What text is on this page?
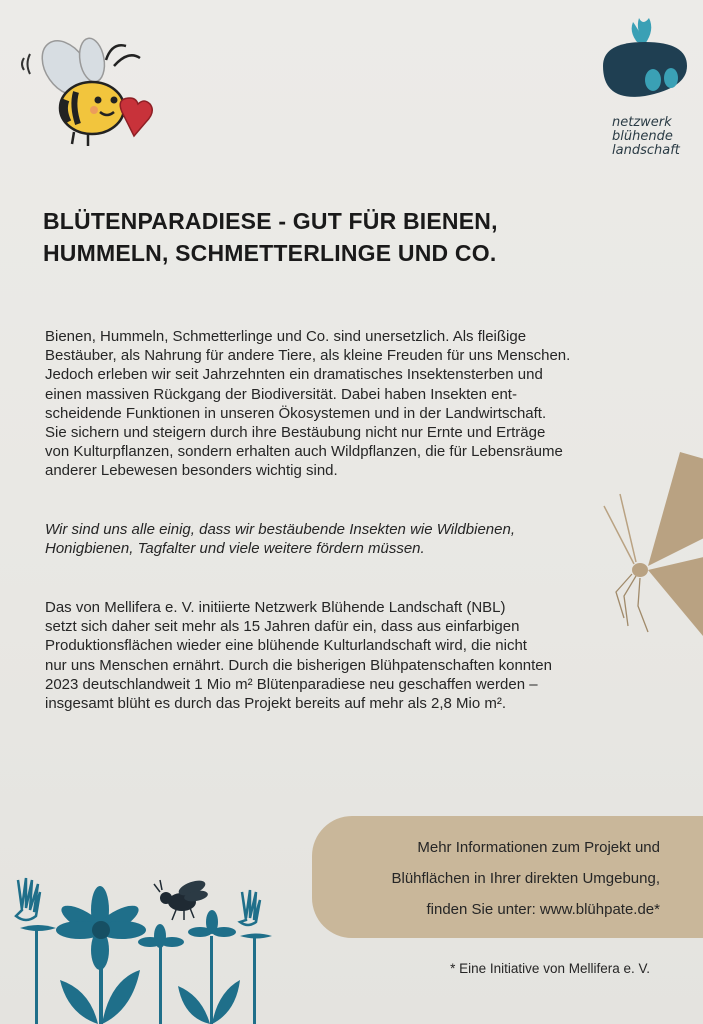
netzwerk
blühende
landschaft
BLÜTENPARADIESE - GUT FÜR BIENEN,
HUMMELN, SCHMETTERLINGE UND CO.

Bienen, Hummeln, Schmetterlinge und Co. sind unersetzlich. Als fleißige
Bestäuber, als Nahrung für andere Tiere, als kleine Freuden für uns Menschen.
Jedoch erleben wir seit Jahrzehnten ein dramatisches Insektensterben und
einen massiven Rückgang der Biodiversität. Dabei haben Insekten ent-
scheidende Funktionen in unseren Ökosystemen und in der Landwirtschaft.
Sie sichern und steigern durch ihre Bestäubung nicht nur Ernte und Erträge
von Kulturpflanzen, sondern erhalten auch Wildpflanzen, die für Lebensräume
anderer Lebewesen besonders wichtig sind.

Wir sind uns alle einig, dass wir bestäubende Insekten wie Wildbienen,
Honigbienen, Tagfalter und viele weitere fördern müssen.

Das von Mellifera e. V. initiierte Netzwerk Blühende Landschaft (NBL)
setzt sich daher seit mehr als 15 Jahren dafür ein, dass aus einfarbigen
Produktionsflächen wieder eine blühende Kulturlandschaft wird, die nicht
nur uns Menschen ernährt. Durch die bisherigen Blühpatenschaften konnten
2023 deutschlandweit 1 Mio m² Blütenparadiese neu geschaffen werden –
insgesamt blüht es durch das Projekt bereits auf mehr als 2,8 Mio m².

Mehr Informationen zum Projekt und
Blühflächen in Ihrer direkten Umgebung,
finden Sie unter: www.blühpate.de*
* Eine Initiative von Mellifera e. V.
